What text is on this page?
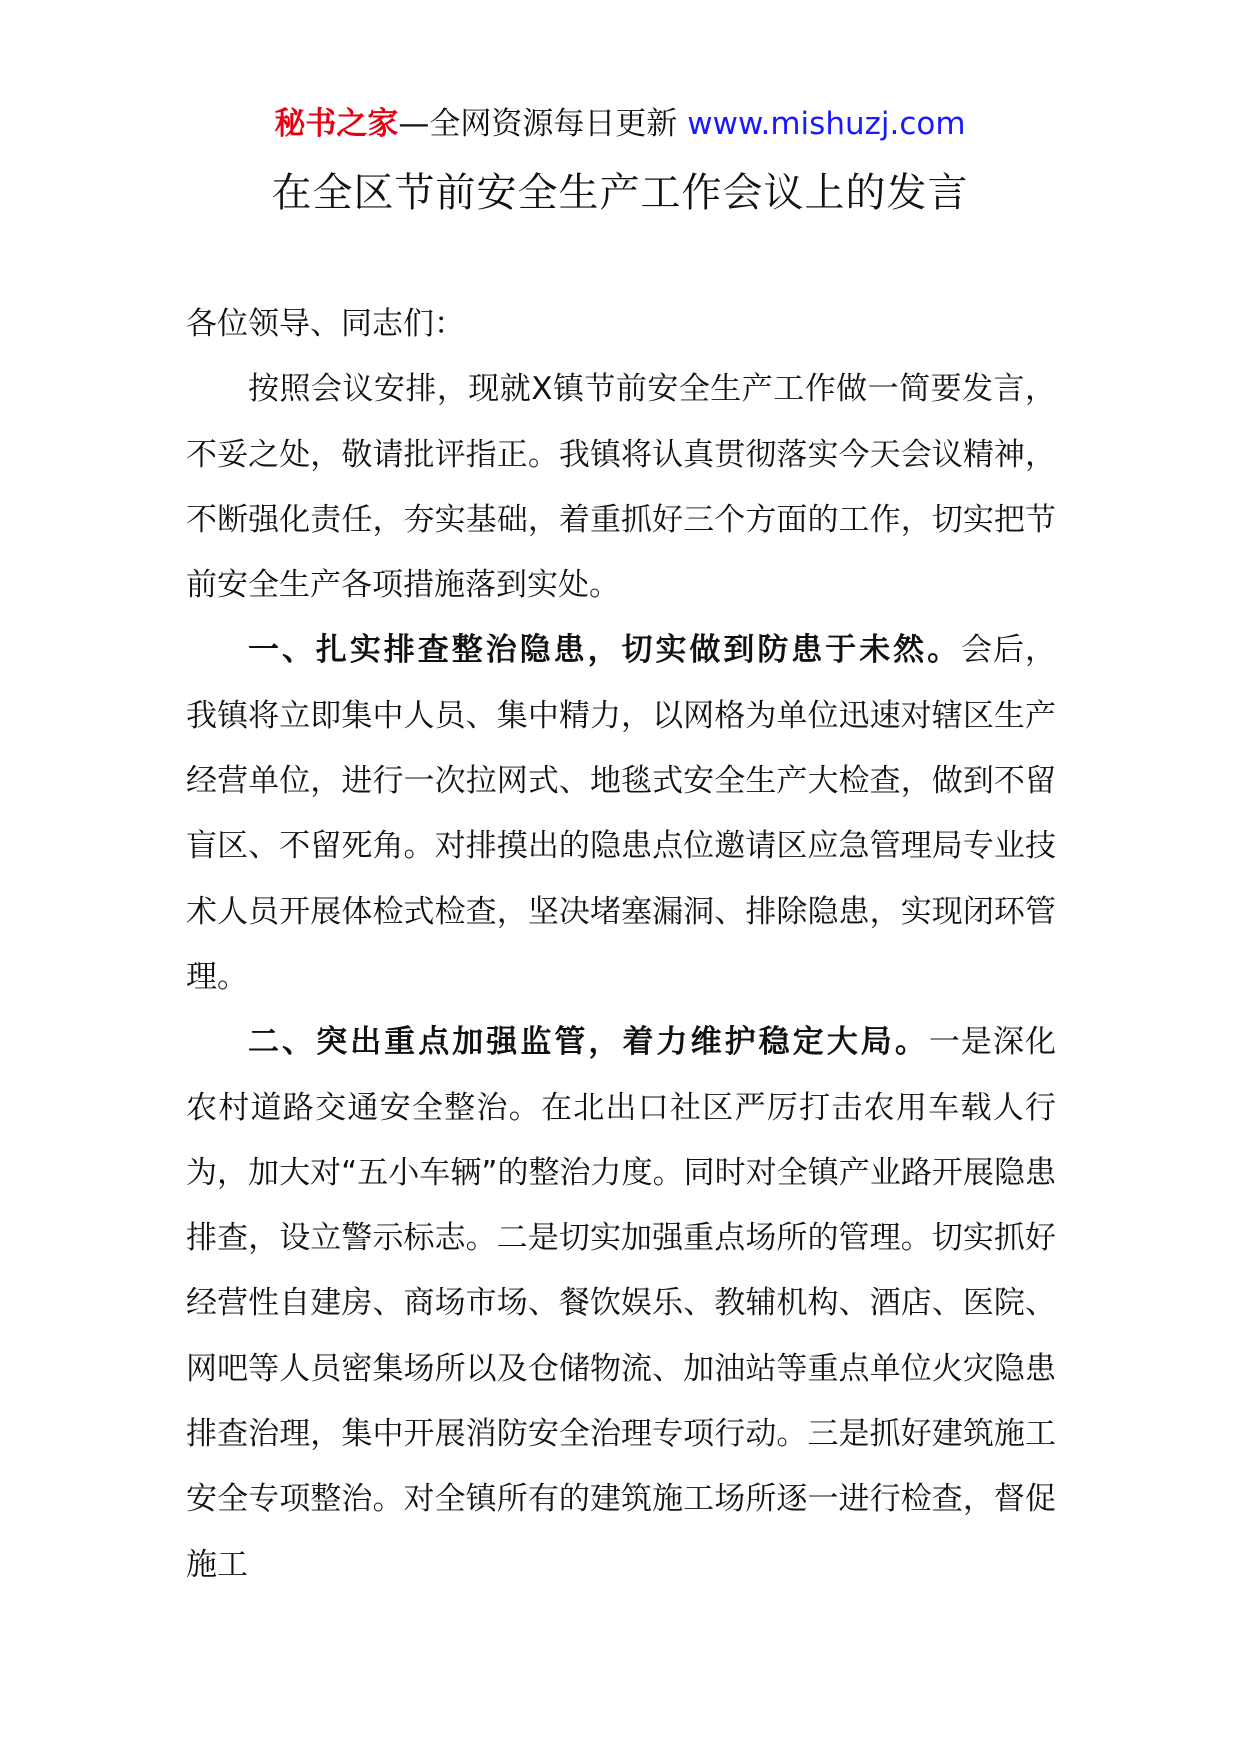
秘书之家—全网资源每日更新 www.mishuzj.com
在全区节前安全生产工作会议上的发言

各位领导、同志们：

按照会议安排，现就X镇节前安全生产工作做一简要发言，不妥之处，敬请批评指正。我镇将认真贯彻落实今天会议精神，不断强化责任，夯实基础，着重抓好三个方面的工作，切实把节前安全生产各项措施落到实处。

一、扎实排查整治隐患，切实做到防患于未然。会后，我镇将立即集中人员、集中精力，以网格为单位迅速对辖区生产经营单位，进行一次拉网式、地毯式安全生产大检查，做到不留盲区、不留死角。对排摸出的隐患点位邀请区应急管理局专业技术人员开展体检式检查，坚决堵塞漏洞、排除隐患，实现闭环管理。

二、突出重点加强监管，着力维护稳定大局。一是深化农村道路交通安全整治。在北出口社区严厉打击农用车载人行为，加大对“五小车辆”的整治力度。同时对全镇产业路开展隐患排查，设立警示标志。二是切实加强重点场所的管理。切实抓好经营性自建房、商场市场、餐饮娱乐、教辅机构、酒店、医院、网吧等人员密集场所以及仓储物流、加油站等重点单位火灾隐患排查治理，集中开展消防安全治理专项行动。三是抓好建筑施工安全专项整治。对全镇所有的建筑施工场所逐一进行检查，督促施工
